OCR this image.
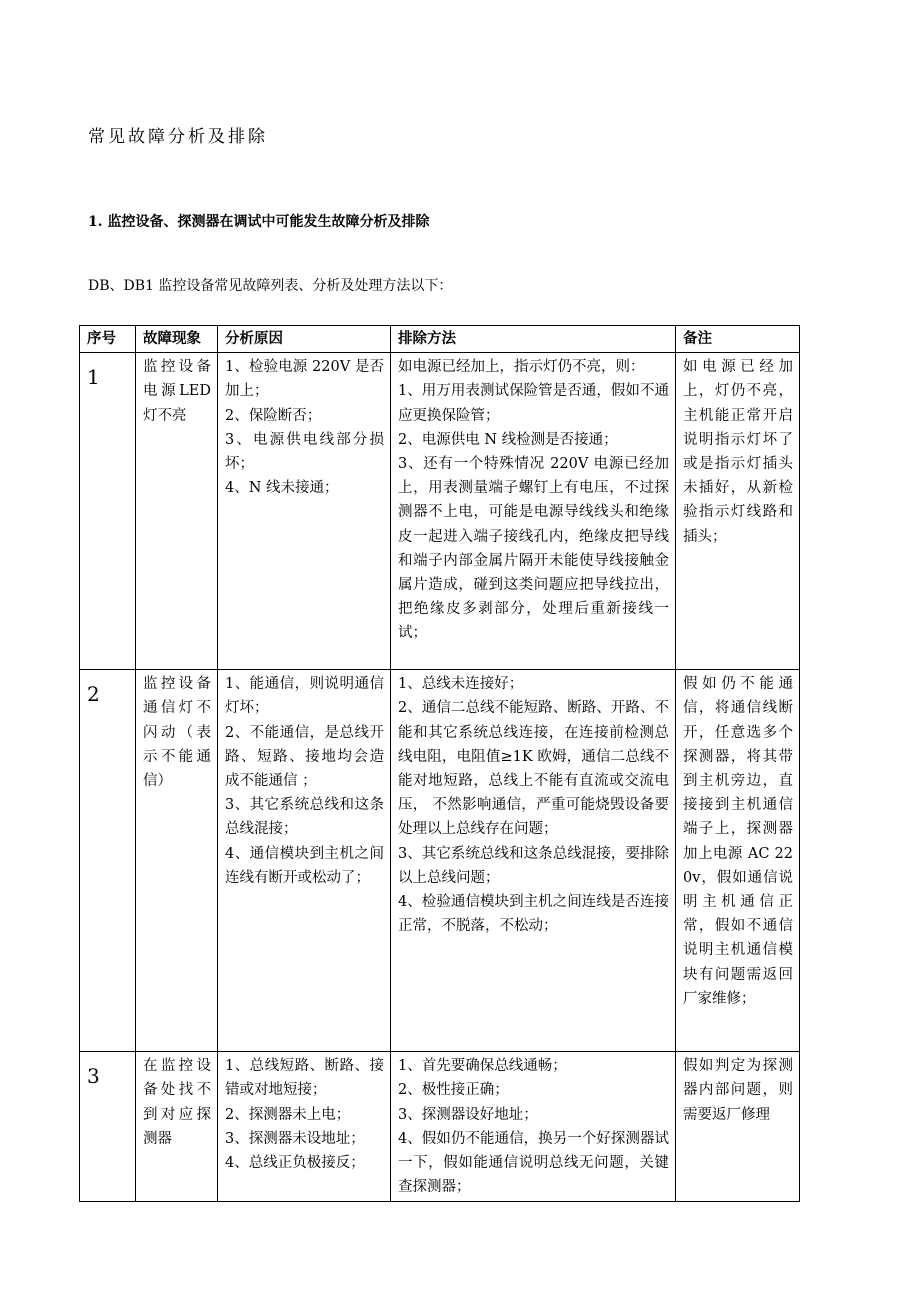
常见故障分析及排除
1. 监控设备、探测器在调试中可能发生故障分析及排除
DB、DB1 监控设备常见故障列表、分析及处理方法以下：
序号	故障现象	分析原因	排除方法	备注
1	监控设备电源LED灯不亮	1、检验电源 220V 是否加上；
2、保险断否；
3、电源供电线部分损坏；
4、N 线未接通；	如电源已经加上，指示灯仍不亮，则：
1、用万用表测试保险管是否通，假如不通应更换保险管；
2、电源供电 N 线检测是否接通；
3、还有一个特殊情况 220V 电源已经加上，用表测量端子螺钉上有电压，不过探测器不上电，可能是电源导线线头和绝缘皮一起进入端子接线孔内，绝缘皮把导线和端子内部金属片隔开未能使导线接触金属片造成，碰到这类问题应把导线拉出，把绝缘皮多剥部分，处理后重新接线一试；	如电源已经加上，灯仍不亮，主机能正常开启说明指示灯坏了或是指示灯插头未插好，从新检验指示灯线路和插头；
2	监控设备通信灯不闪动（表示不能通信）	1、能通信，则说明通信灯坏；
2、不能通信，是总线开路、短路、接地均会造成不能通信 ；
3、其它系统总线和这条总线混接；
4、通信模块到主机之间连线有断开或松动了；	1、总线未连接好；
2、通信二总线不能短路、断路、开路、不能和其它系统总线连接，在连接前检测总线电阻，电阻值≥1K 欧姆，通信二总线不能对地短路，总线上不能有直流或交流电压， 不然影响通信，严重可能烧毁设备要处理以上总线存在问题；
3、其它系统总线和这条总线混接，要排除以上总线问题；
4、检验通信模块到主机之间连线是否连接正常，不脱落，不松动；	假如仍不能通信，将通信线断开，任意选多个探测器，将其带到主机旁边，直接接到主机通信端子上，探测器加上电源 AC 220v，假如通信说明主机通信正常，假如不通信说明主机通信模块有问题需返回厂家维修；
3	在监控设备处找不到对应探测器	1、总线短路、断路、接错或对地短接；
2、探测器未上电；
3、探测器未设地址；
4、总线正负极接反；	1、首先要确保总线通畅；
2、极性接正确；
3、探测器设好地址；
4、假如仍不能通信，换另一个好探测器试一下，假如能通信说明总线无问题，关键查探测器；	假如判定为探测器内部问题，则需要返厂修理
